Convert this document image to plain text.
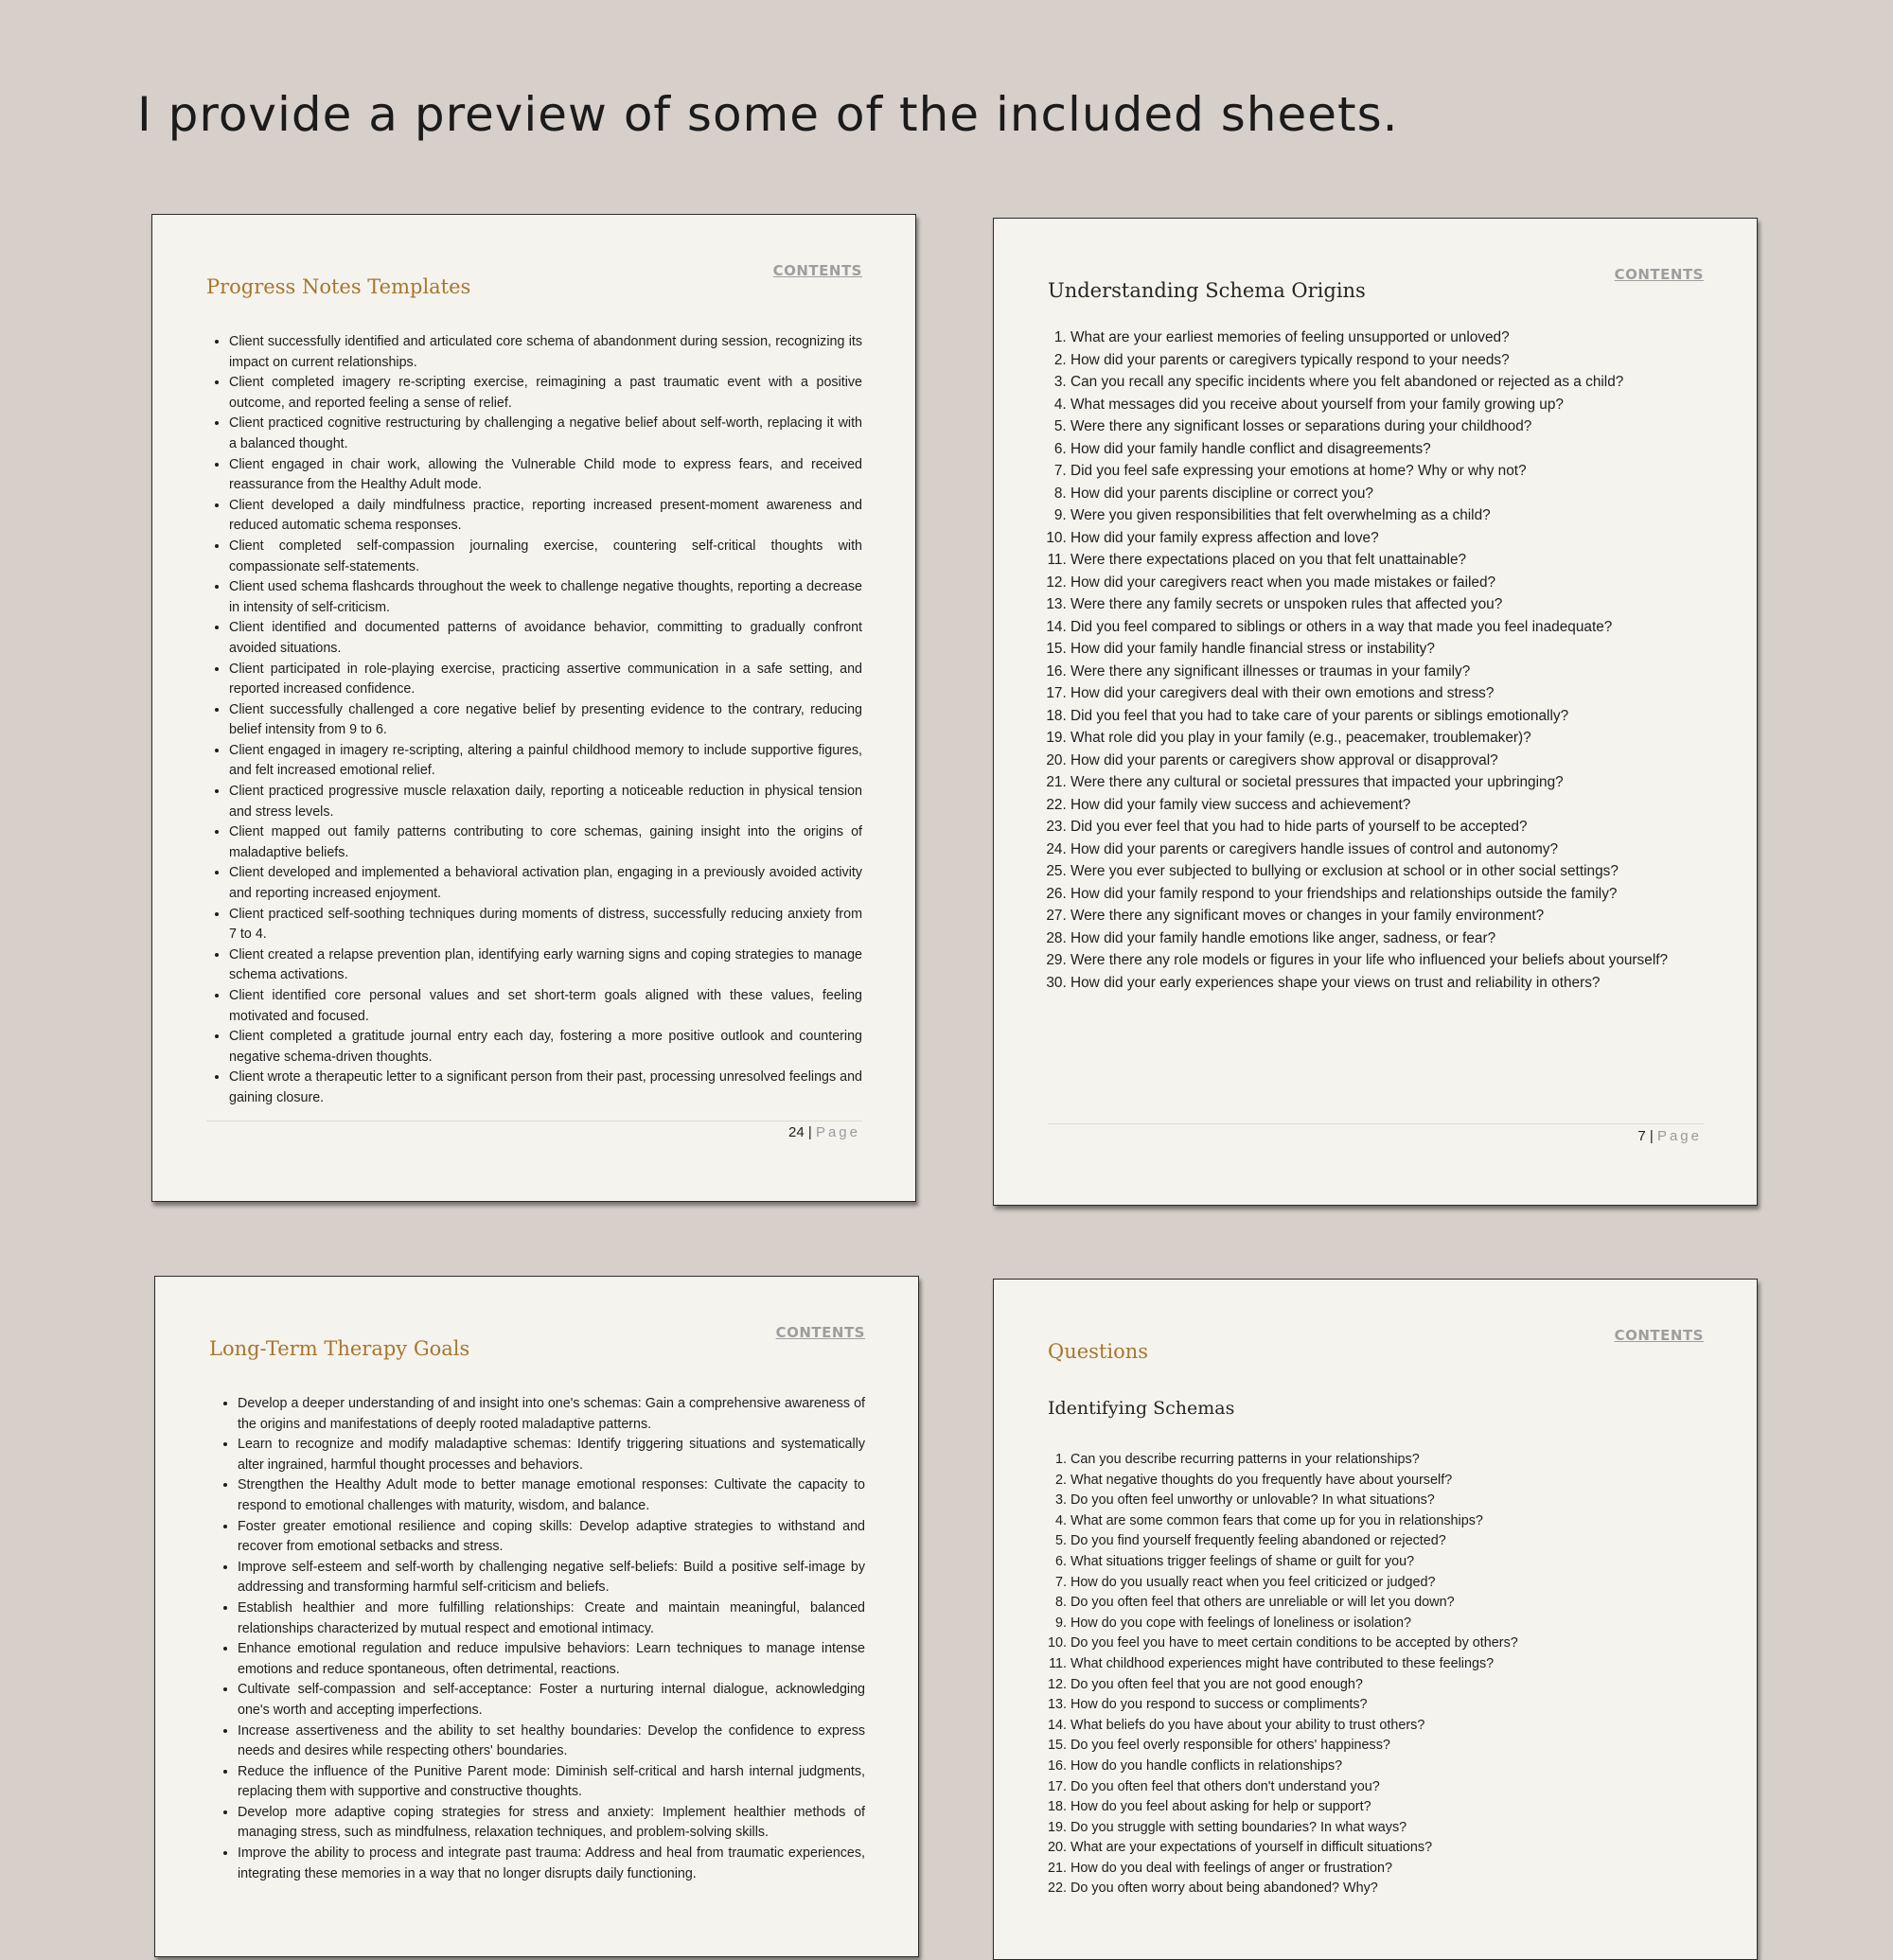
I provide a preview of some of the included sheets.
CONTENTS
Progress Notes Templates
• Client successfully identified and articulated core schema of abandonment during session, recognizing its impact on current relationships.
• Client completed imagery re-scripting exercise, reimagining a past traumatic event with a positive outcome, and reported feeling a sense of relief.
• Client practiced cognitive restructuring by challenging a negative belief about self-worth, replacing it with a balanced thought.
• Client engaged in chair work, allowing the Vulnerable Child mode to express fears, and received reassurance from the Healthy Adult mode.
• Client developed a daily mindfulness practice, reporting increased present-moment awareness and reduced automatic schema responses.
• Client completed self-compassion journaling exercise, countering self-critical thoughts with compassionate self-statements.
• Client used schema flashcards throughout the week to challenge negative thoughts, reporting a decrease in intensity of self-criticism.
• Client identified and documented patterns of avoidance behavior, committing to gradually confront avoided situations.
• Client participated in role-playing exercise, practicing assertive communication in a safe setting, and reported increased confidence.
• Client successfully challenged a core negative belief by presenting evidence to the contrary, reducing belief intensity from 9 to 6.
• Client engaged in imagery re-scripting, altering a painful childhood memory to include supportive figures, and felt increased emotional relief.
• Client practiced progressive muscle relaxation daily, reporting a noticeable reduction in physical tension and stress levels.
• Client mapped out family patterns contributing to core schemas, gaining insight into the origins of maladaptive beliefs.
• Client developed and implemented a behavioral activation plan, engaging in a previously avoided activity and reporting increased enjoyment.
• Client practiced self-soothing techniques during moments of distress, successfully reducing anxiety from 7 to 4.
• Client created a relapse prevention plan, identifying early warning signs and coping strategies to manage schema activations.
• Client identified core personal values and set short-term goals aligned with these values, feeling motivated and focused.
• Client completed a gratitude journal entry each day, fostering a more positive outlook and countering negative schema-driven thoughts.
• Client wrote a therapeutic letter to a significant person from their past, processing unresolved feelings and gaining closure.
24 | Page
CONTENTS
Understanding Schema Origins
1. What are your earliest memories of feeling unsupported or unloved?
2. How did your parents or caregivers typically respond to your needs?
3. Can you recall any specific incidents where you felt abandoned or rejected as a child?
4. What messages did you receive about yourself from your family growing up?
5. Were there any significant losses or separations during your childhood?
6. How did your family handle conflict and disagreements?
7. Did you feel safe expressing your emotions at home? Why or why not?
8. How did your parents discipline or correct you?
9. Were you given responsibilities that felt overwhelming as a child?
10. How did your family express affection and love?
11. Were there expectations placed on you that felt unattainable?
12. How did your caregivers react when you made mistakes or failed?
13. Were there any family secrets or unspoken rules that affected you?
14. Did you feel compared to siblings or others in a way that made you feel inadequate?
15. How did your family handle financial stress or instability?
16. Were there any significant illnesses or traumas in your family?
17. How did your caregivers deal with their own emotions and stress?
18. Did you feel that you had to take care of your parents or siblings emotionally?
19. What role did you play in your family (e.g., peacemaker, troublemaker)?
20. How did your parents or caregivers show approval or disapproval?
21. Were there any cultural or societal pressures that impacted your upbringing?
22. How did your family view success and achievement?
23. Did you ever feel that you had to hide parts of yourself to be accepted?
24. How did your parents or caregivers handle issues of control and autonomy?
25. Were you ever subjected to bullying or exclusion at school or in other social settings?
26. How did your family respond to your friendships and relationships outside the family?
27. Were there any significant moves or changes in your family environment?
28. How did your family handle emotions like anger, sadness, or fear?
29. Were there any role models or figures in your life who influenced your beliefs about yourself?
30. How did your early experiences shape your views on trust and reliability in others?
7 | Page
CONTENTS
Long-Term Therapy Goals
• Develop a deeper understanding of and insight into one's schemas: Gain a comprehensive awareness of the origins and manifestations of deeply rooted maladaptive patterns.
• Learn to recognize and modify maladaptive schemas: Identify triggering situations and systematically alter ingrained, harmful thought processes and behaviors.
• Strengthen the Healthy Adult mode to better manage emotional responses: Cultivate the capacity to respond to emotional challenges with maturity, wisdom, and balance.
• Foster greater emotional resilience and coping skills: Develop adaptive strategies to withstand and recover from emotional setbacks and stress.
• Improve self-esteem and self-worth by challenging negative self-beliefs: Build a positive self-image by addressing and transforming harmful self-criticism and beliefs.
• Establish healthier and more fulfilling relationships: Create and maintain meaningful, balanced relationships characterized by mutual respect and emotional intimacy.
• Enhance emotional regulation and reduce impulsive behaviors: Learn techniques to manage intense emotions and reduce spontaneous, often detrimental, reactions.
• Cultivate self-compassion and self-acceptance: Foster a nurturing internal dialogue, acknowledging one's worth and accepting imperfections.
• Increase assertiveness and the ability to set healthy boundaries: Develop the confidence to express needs and desires while respecting others' boundaries.
• Reduce the influence of the Punitive Parent mode: Diminish self-critical and harsh internal judgments, replacing them with supportive and constructive thoughts.
• Develop more adaptive coping strategies for stress and anxiety: Implement healthier methods of managing stress, such as mindfulness, relaxation techniques, and problem-solving skills.
• Improve the ability to process and integrate past trauma: Address and heal from traumatic experiences, integrating these memories in a way that no longer disrupts daily functioning.
CONTENTS
Questions
Identifying Schemas
1. Can you describe recurring patterns in your relationships?
2. What negative thoughts do you frequently have about yourself?
3. Do you often feel unworthy or unlovable? In what situations?
4. What are some common fears that come up for you in relationships?
5. Do you find yourself frequently feeling abandoned or rejected?
6. What situations trigger feelings of shame or guilt for you?
7. How do you usually react when you feel criticized or judged?
8. Do you often feel that others are unreliable or will let you down?
9. How do you cope with feelings of loneliness or isolation?
10. Do you feel you have to meet certain conditions to be accepted by others?
11. What childhood experiences might have contributed to these feelings?
12. Do you often feel that you are not good enough?
13. How do you respond to success or compliments?
14. What beliefs do you have about your ability to trust others?
15. Do you feel overly responsible for others' happiness?
16. How do you handle conflicts in relationships?
17. Do you often feel that others don't understand you?
18. How do you feel about asking for help or support?
19. Do you struggle with setting boundaries? In what ways?
20. What are your expectations of yourself in difficult situations?
21. How do you deal with feelings of anger or frustration?
22. Do you often worry about being abandoned? Why?
